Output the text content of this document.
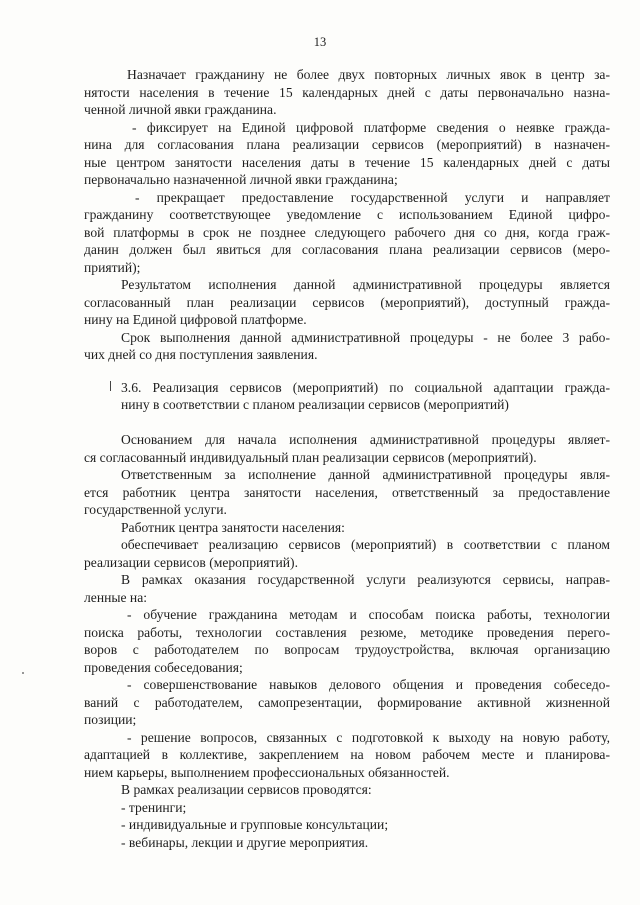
13
Назначает гражданину не более двух повторных личных явок в центр за-
нятости населения в течение 15 календарных дней с даты первоначально назна-
ченной личной явки гражданина.
- фиксирует на Единой цифровой платформе сведения о неявке гражда-
нина для согласования плана реализации сервисов (мероприятий) в назначен-
ные центром занятости населения даты в течение 15 календарных дней с даты
первоначально назначенной личной явки гражданина;
- прекращает предоставление государственной услуги и направляет
гражданину соответствующее уведомление с использованием Единой цифро-
вой платформы в срок не позднее следующего рабочего дня со дня, когда граж-
данин должен был явиться для согласования плана реализации сервисов (меро-
приятий);
Результатом исполнения данной административной процедуры является
согласованный план реализации сервисов (мероприятий), доступный гражда-
нину на Единой цифровой платформе.
Срок выполнения данной административной процедуры - не более 3 рабо-
чих дней со дня поступления заявления.
3.6. Реализация сервисов (мероприятий) по социальной адаптации гражда-
нину в соответствии с планом реализации сервисов (мероприятий)
Основанием для начала исполнения административной процедуры являет-
ся согласованный индивидуальный план реализации сервисов (мероприятий).
Ответственным за исполнение данной административной процедуры явля-
ется работник центра занятости населения, ответственный за предоставление
государственной услуги.
Работник центра занятости населения:
обеспечивает реализацию сервисов (мероприятий) в соответствии с планом
реализации сервисов (мероприятий).
В рамках оказания государственной услуги реализуются сервисы, направ-
ленные на:
- обучение гражданина методам и способам поиска работы, технологии
поиска работы, технологии составления резюме, методике проведения перего-
воров с работодателем по вопросам трудоустройства, включая организацию
проведения собеседования;
- совершенствование навыков делового общения и проведения собеседо-
ваний с работодателем, самопрезентации, формирование активной жизненной
позиции;
- решение вопросов, связанных с подготовкой к выходу на новую работу,
адаптацией в коллективе, закреплением на новом рабочем месте и планирова-
нием карьеры, выполнением профессиональных обязанностей.
В рамках реализации сервисов проводятся:
- тренинги;
- индивидуальные и групповые консультации;
- вебинары, лекции и другие мероприятия.
